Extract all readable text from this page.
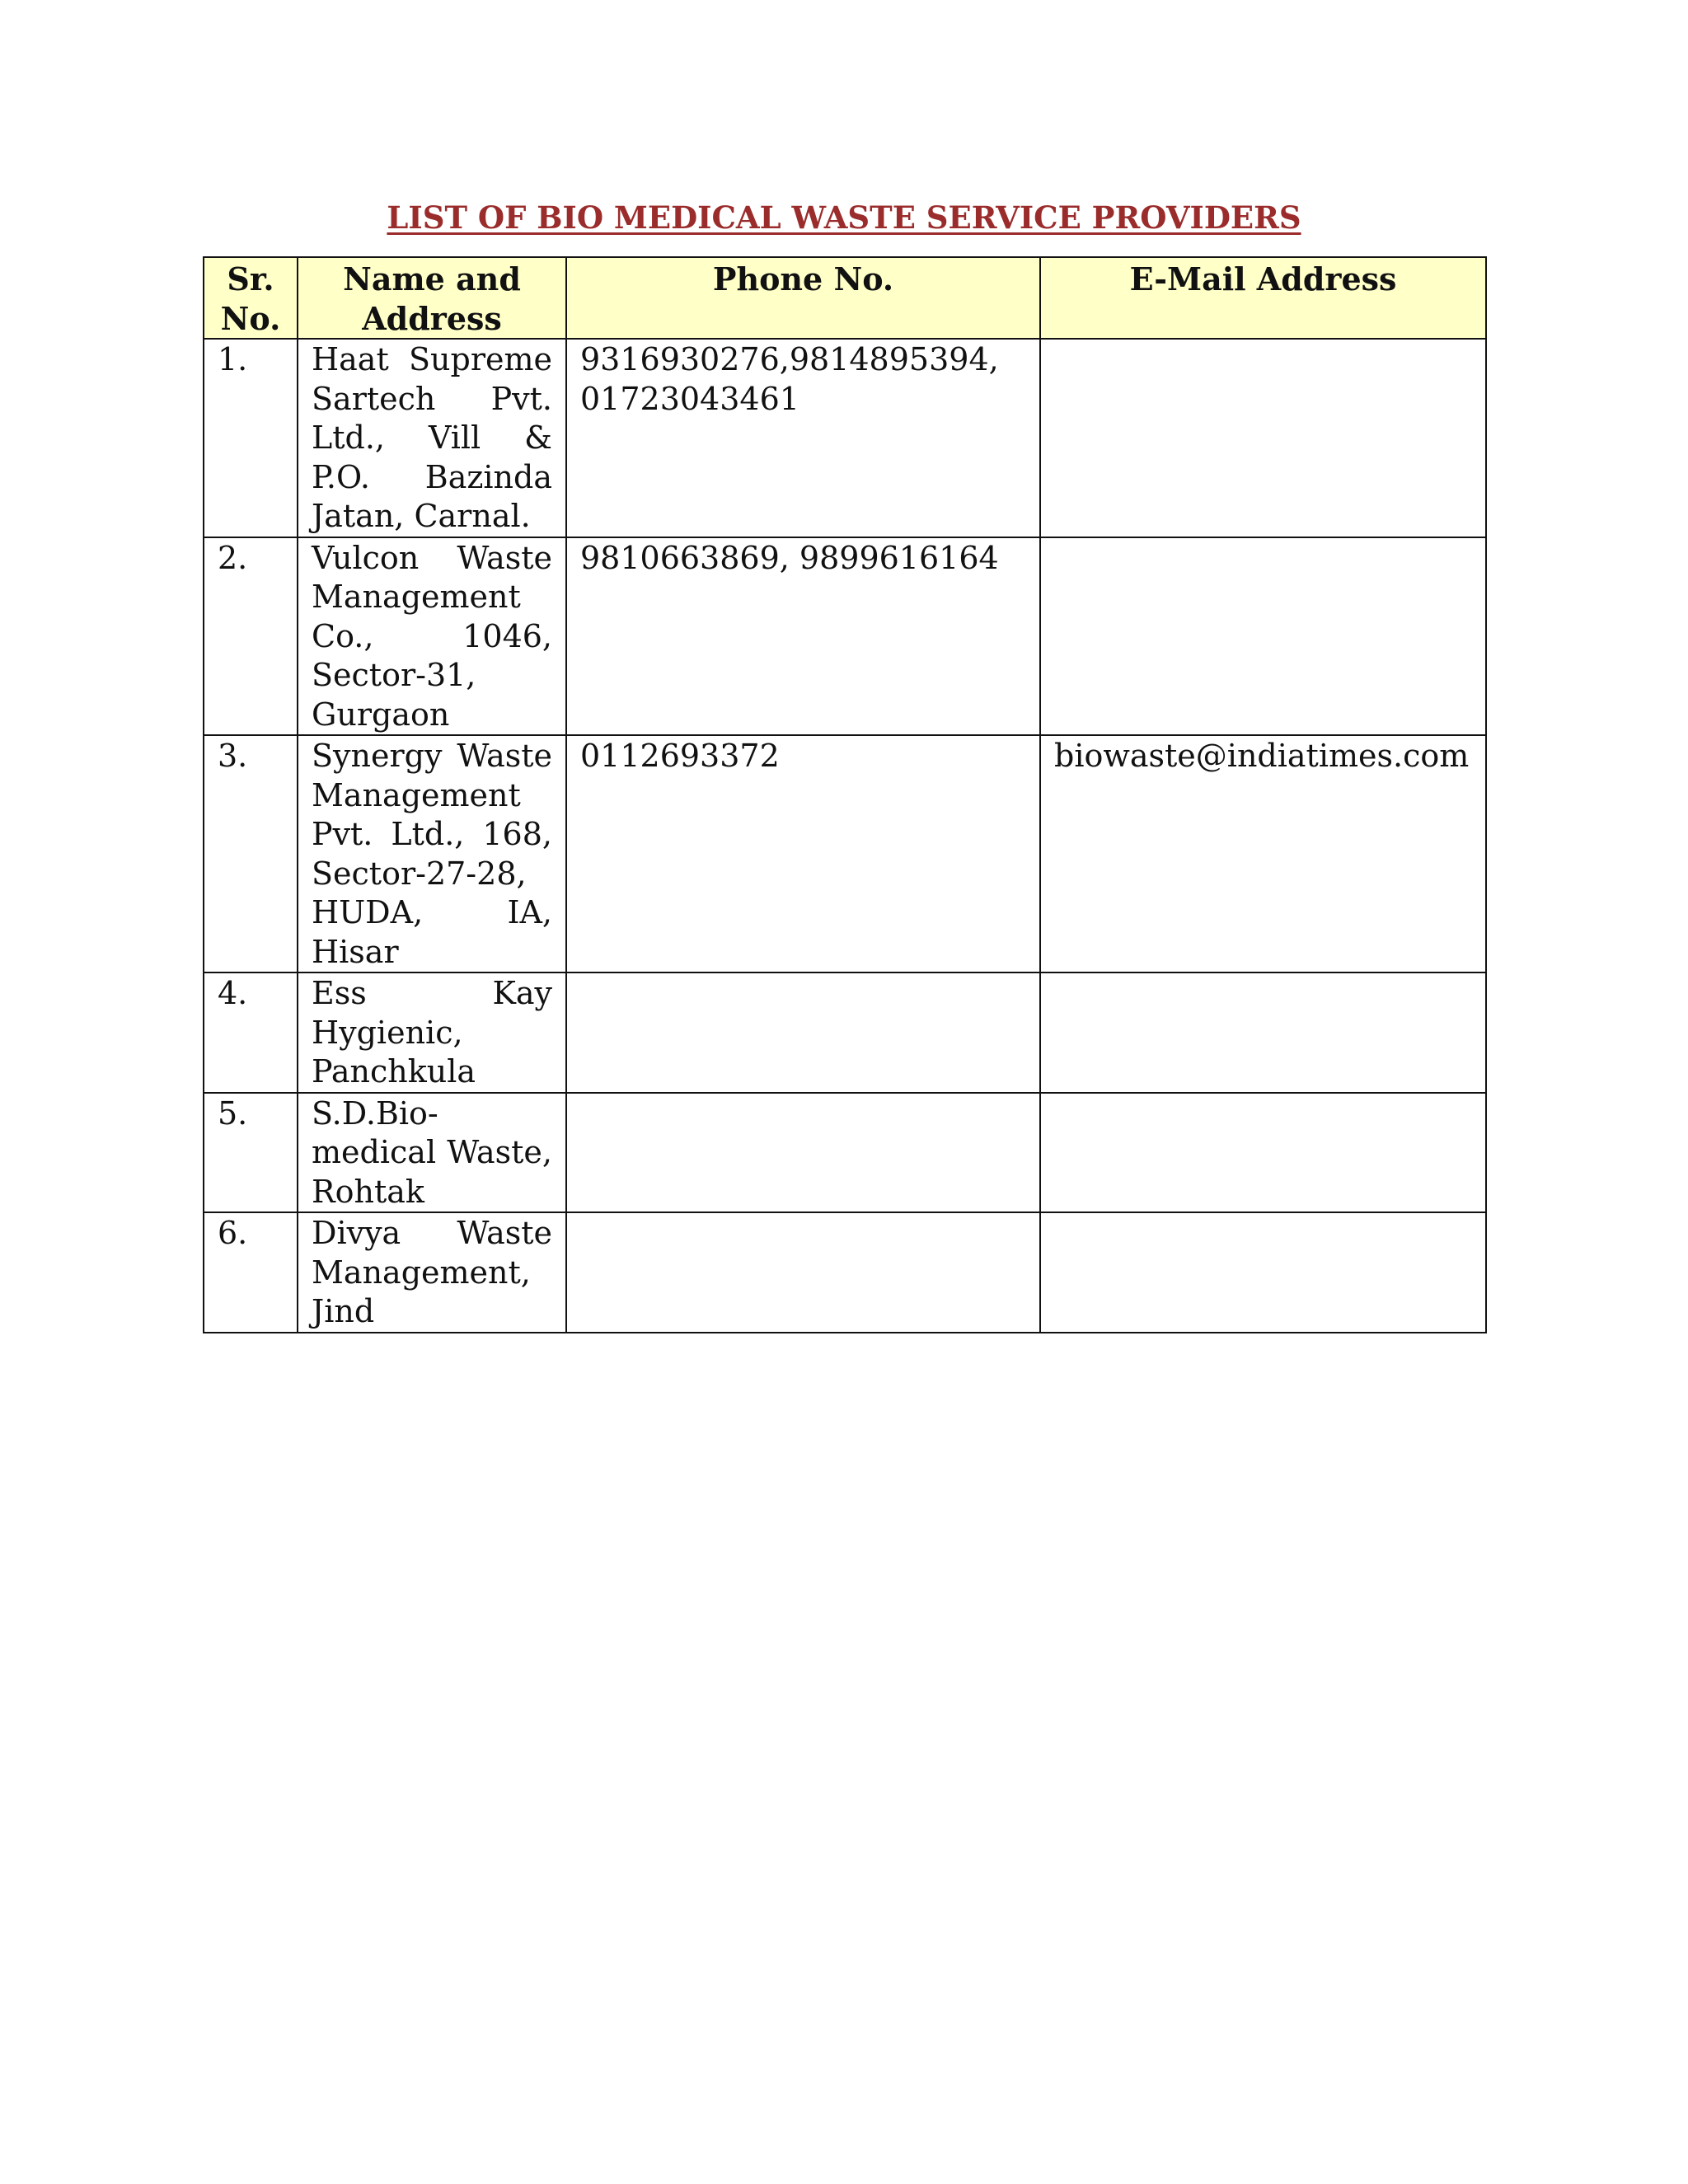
LIST OF BIO MEDICAL WASTE SERVICE PROVIDERS
Sr. No.	Name and Address	Phone No.	E-Mail Address
1.	Haat Supreme Sartech Pvt. Ltd., Vill & P.O. Bazinda Jatan, Carnal.	9316930276,9814895394, 01723043461	
2.	Vulcon Waste Management Co., 1046, Sector-31, Gurgaon	9810663869, 9899616164	
3.	Synergy Waste Management Pvt. Ltd., 168, Sector-27-28, HUDA, IA, Hisar	0112693372	biowaste@indiatimes.com
4.	Ess Kay Hygienic, Panchkula		
5.	S.D.Bio-medical Waste, Rohtak		
6.	Divya Waste Management, Jind		
